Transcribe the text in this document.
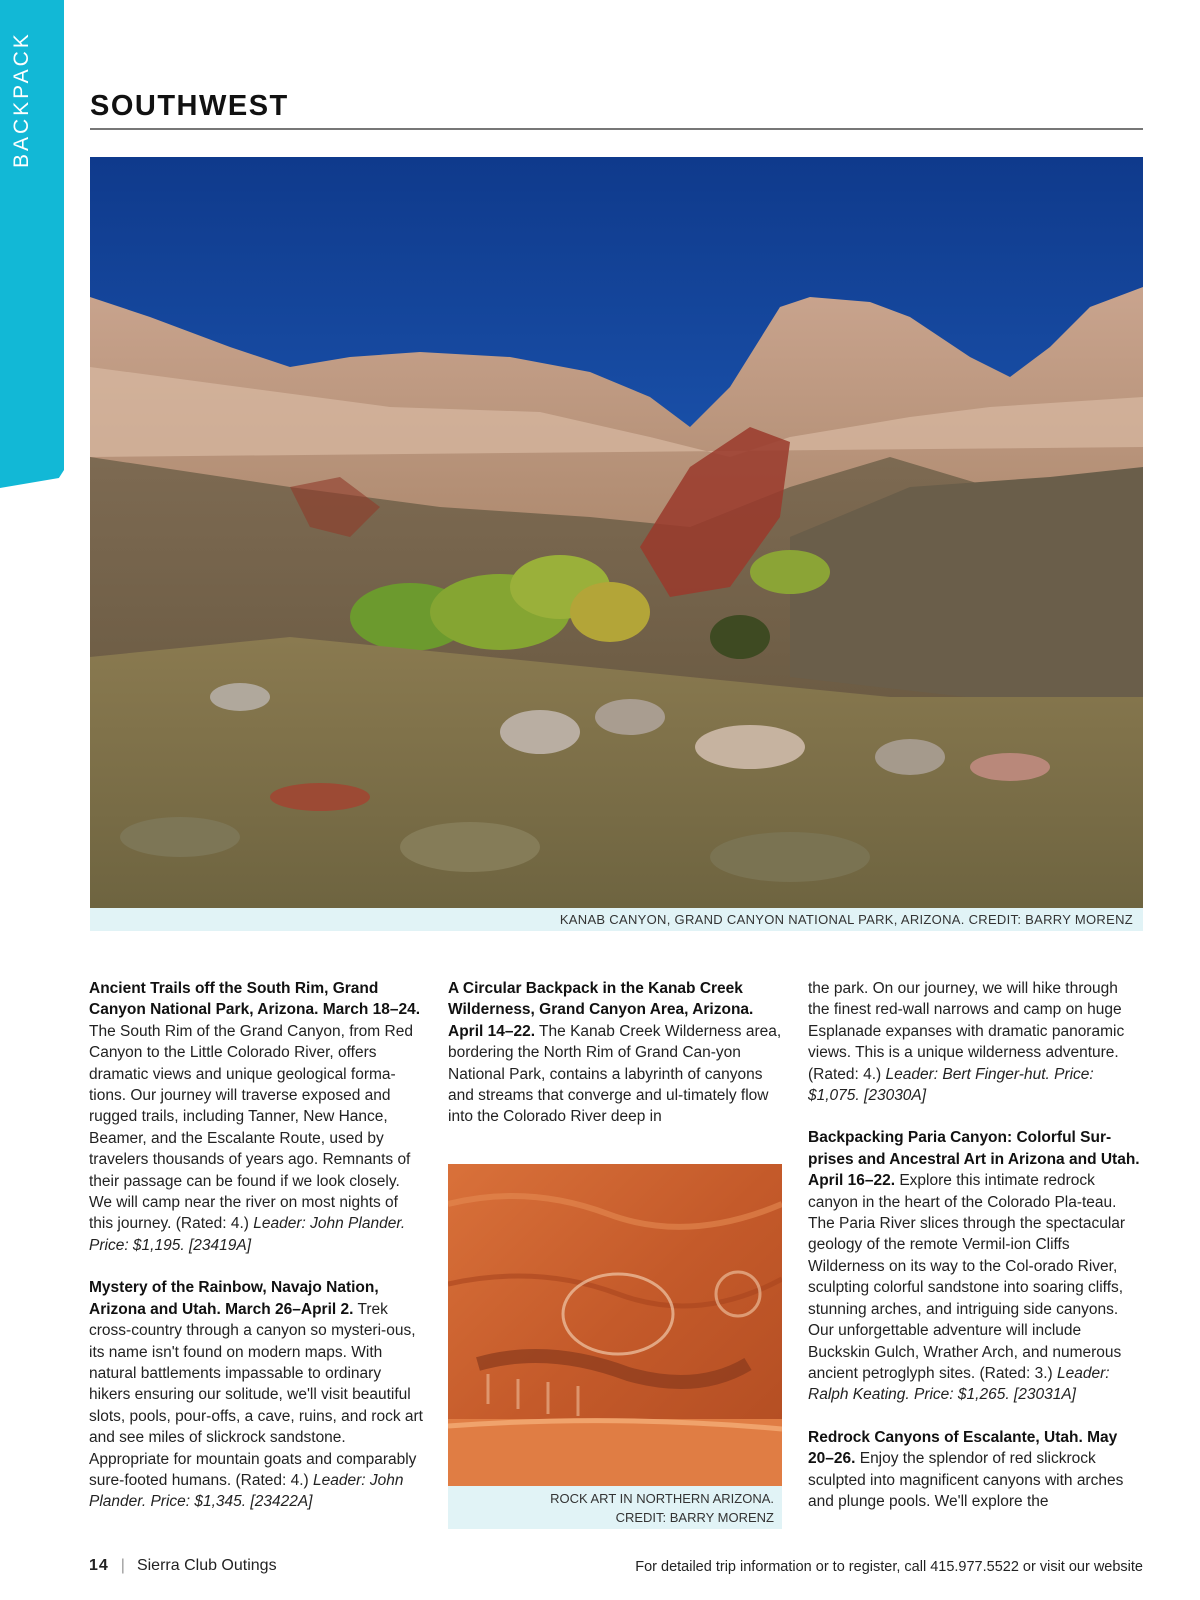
BACKPACK SOUTHWEST
KANAB CANYON, GRAND CANYON NATIONAL PARK, ARIZONA. CREDIT: BARRY MORENZ

Ancient Trails off the South Rim, Grand Canyon National Park, Arizona. March 18–24. The South Rim of the Grand Canyon, from Red Canyon to the Little Colorado River, offers dramatic views and unique geological forma-tions. Our journey will traverse exposed and rugged trails, including Tanner, New Hance, Beamer, and the Escalante Route, used by travelers thousands of years ago. Remnants of their passage can be found if we look closely. We will camp near the river on most nights of this journey. (Rated: 4.) Leader: John Plander. Price: $1,195. [23419A]

Mystery of the Rainbow, Navajo Nation, Arizona and Utah. March 26–April 2. Trek cross-country through a canyon so mysteri-ous, its name isn't found on modern maps. With natural battlements impassable to ordinary hikers ensuring our solitude, we'll visit beautiful slots, pools, pour-offs, a cave, ruins, and rock art and see miles of slickrock sandstone. Appropriate for mountain goats and comparably sure-footed humans. (Rated: 4.) Leader: John Plander. Price: $1,345. [23422A]

A Circular Backpack in the Kanab Creek Wilderness, Grand Canyon Area, Arizona. April 14–22. The Kanab Creek Wilderness area, bordering the North Rim of Grand Can-yon National Park, contains a labyrinth of canyons and streams that converge and ul-timately flow into the Colorado River deep in

ROCK ART IN NORTHERN ARIZONA.
CREDIT: BARRY MORENZ

the park. On our journey, we will hike through the finest red-wall narrows and camp on huge Esplanade expanses with dramatic panoramic views. This is a unique wilderness adventure. (Rated: 4.) Leader: Bert Finger-hut. Price: $1,075. [23030A]

Backpacking Paria Canyon: Colorful Sur-prises and Ancestral Art in Arizona and Utah. April 16–22. Explore this intimate redrock canyon in the heart of the Colorado Pla-teau. The Paria River slices through the spectacular geology of the remote Vermil-ion Cliffs Wilderness on its way to the Col-orado River, sculpting colorful sandstone into soaring cliffs, stunning arches, and intriguing side canyons. Our unforgettable adventure will include Buckskin Gulch, Wrather Arch, and numerous ancient petroglyph sites. (Rated: 3.) Leader: Ralph Keating. Price: $1,265. [23031A]

Redrock Canyons of Escalante, Utah. May 20–26. Enjoy the splendor of red slickrock sculpted into magnificent canyons with arches and plunge pools. We'll explore the

14 | Sierra Club Outings	For detailed trip information or to register, call 415.977.5522 or visit our website
